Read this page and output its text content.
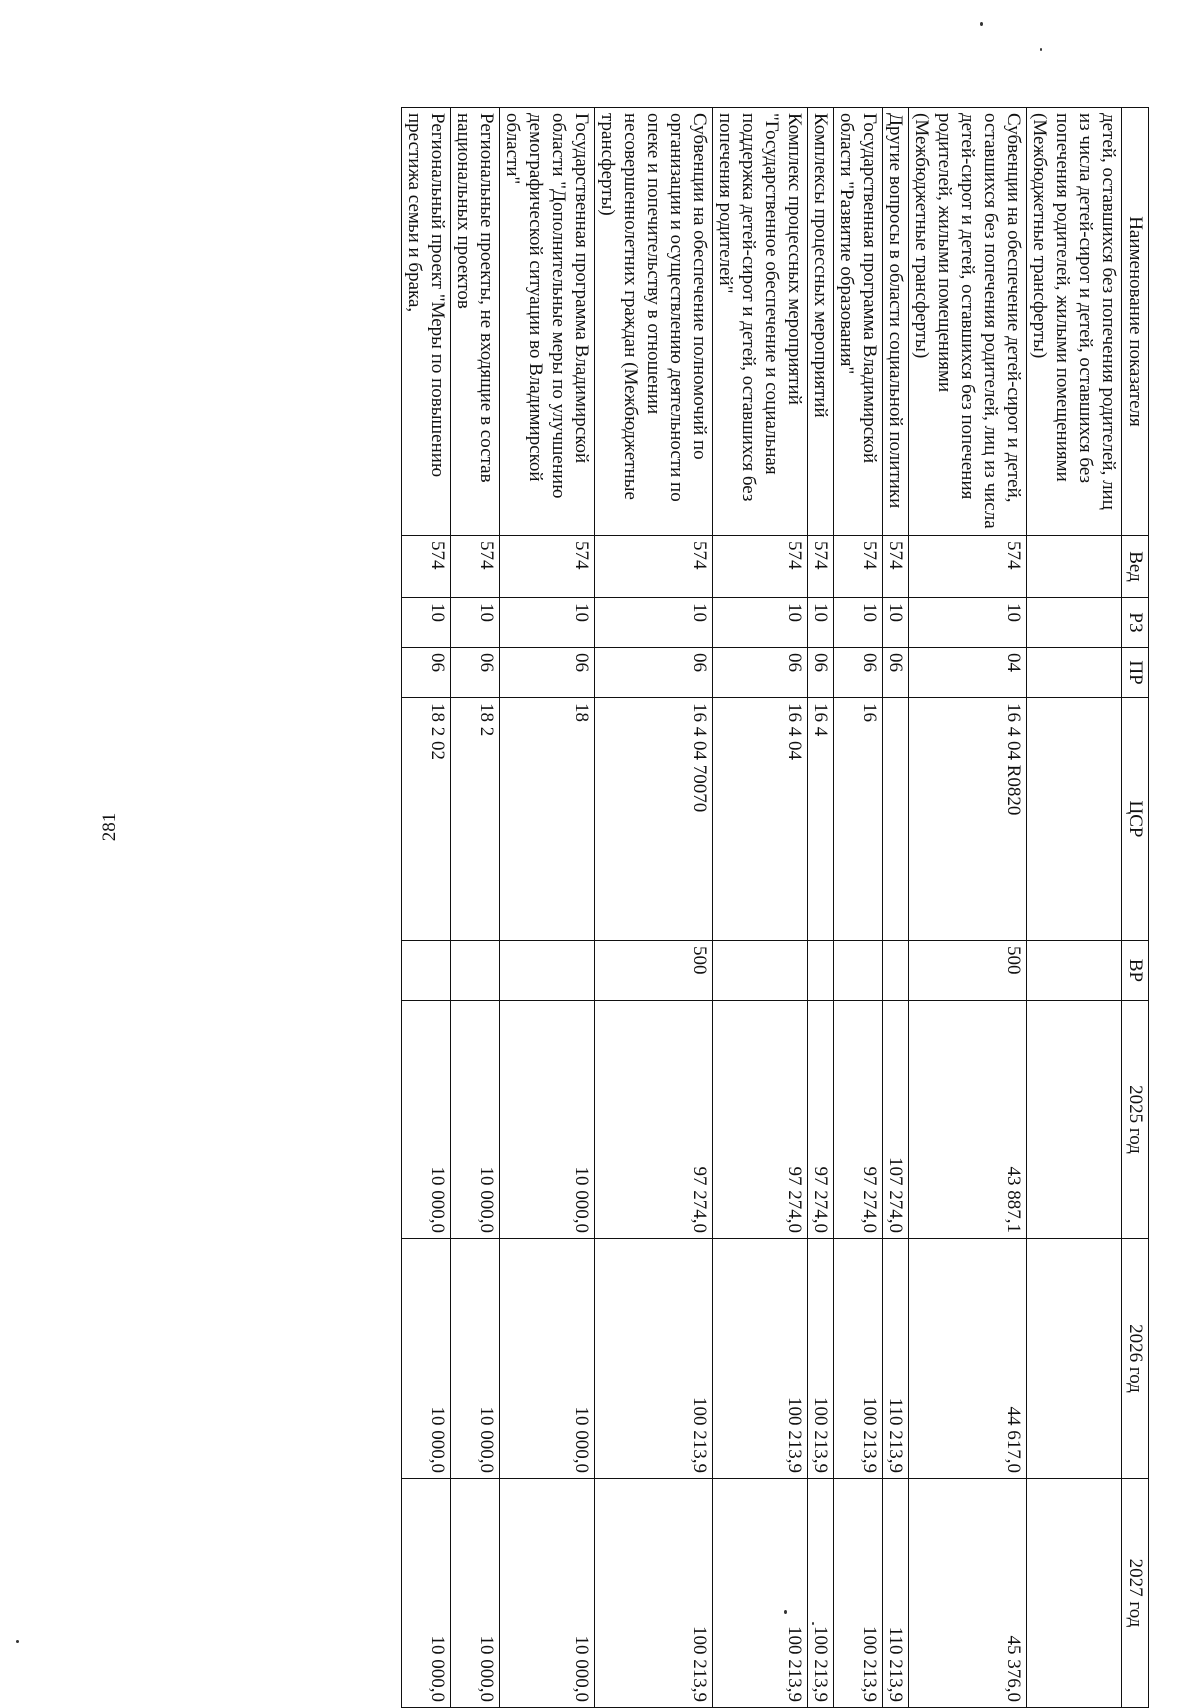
281
Наименование показателя	Вед	РЗ	ПР	ЦСР	ВР	2025 год	2026 год	2027 год
детей, оставшихся без попечения родителей, лиц из числа детей-сирот и детей, оставшихся без попечения родителей, жилыми помещениями (Межбюджетные трансферты)								
Субвенции на обеспечение детей-сирот и детей, оставшихся без попечения родителей, лиц из числа детей-сирот и детей, оставшихся без попечения родителей, жилыми помещениями (Межбюджетные трансферты)	574	10	04	16 4 04 R0820	500	43 887,1	44 617,0	45 376,0
Другие вопросы в области социальной политики	574	10	06			107 274,0	110 213,9	110 213,9
Государственная программа Владимирской области "Развитие образования"	574	10	06	16		97 274,0	100 213,9	100 213,9
Комплексы процессных мероприятий	574	10	06	16 4		97 274,0	100 213,9	100 213,9
Комплекс процессных мероприятий "Государственное обеспечение и социальная поддержка детей-сирот и детей, оставшихся без попечения родителей"	574	10	06	16 4 04		97 274,0	100 213,9	100 213,9
Субвенции на обеспечение полномочий по организации и осуществлению деятельности по опеке и попечительству в отношении несовершеннолетних граждан (Межбюджетные трансферты)	574	10	06	16 4 04 70070	500	97 274,0	100 213,9	100 213,9
Государственная программа Владимирской области "Дополнительные меры по улучшению демографической ситуации во Владимирской области"	574	10	06	18		10 000,0	10 000,0	10 000,0
Региональные проекты, не входящие в состав национальных проектов	574	10	06	18 2		10 000,0	10 000,0	10 000,0
Региональный проект "Меры по повышению престижа семьи и брака,	574	10	06	18 2 02		10 000,0	10 000,0	10 000,0
